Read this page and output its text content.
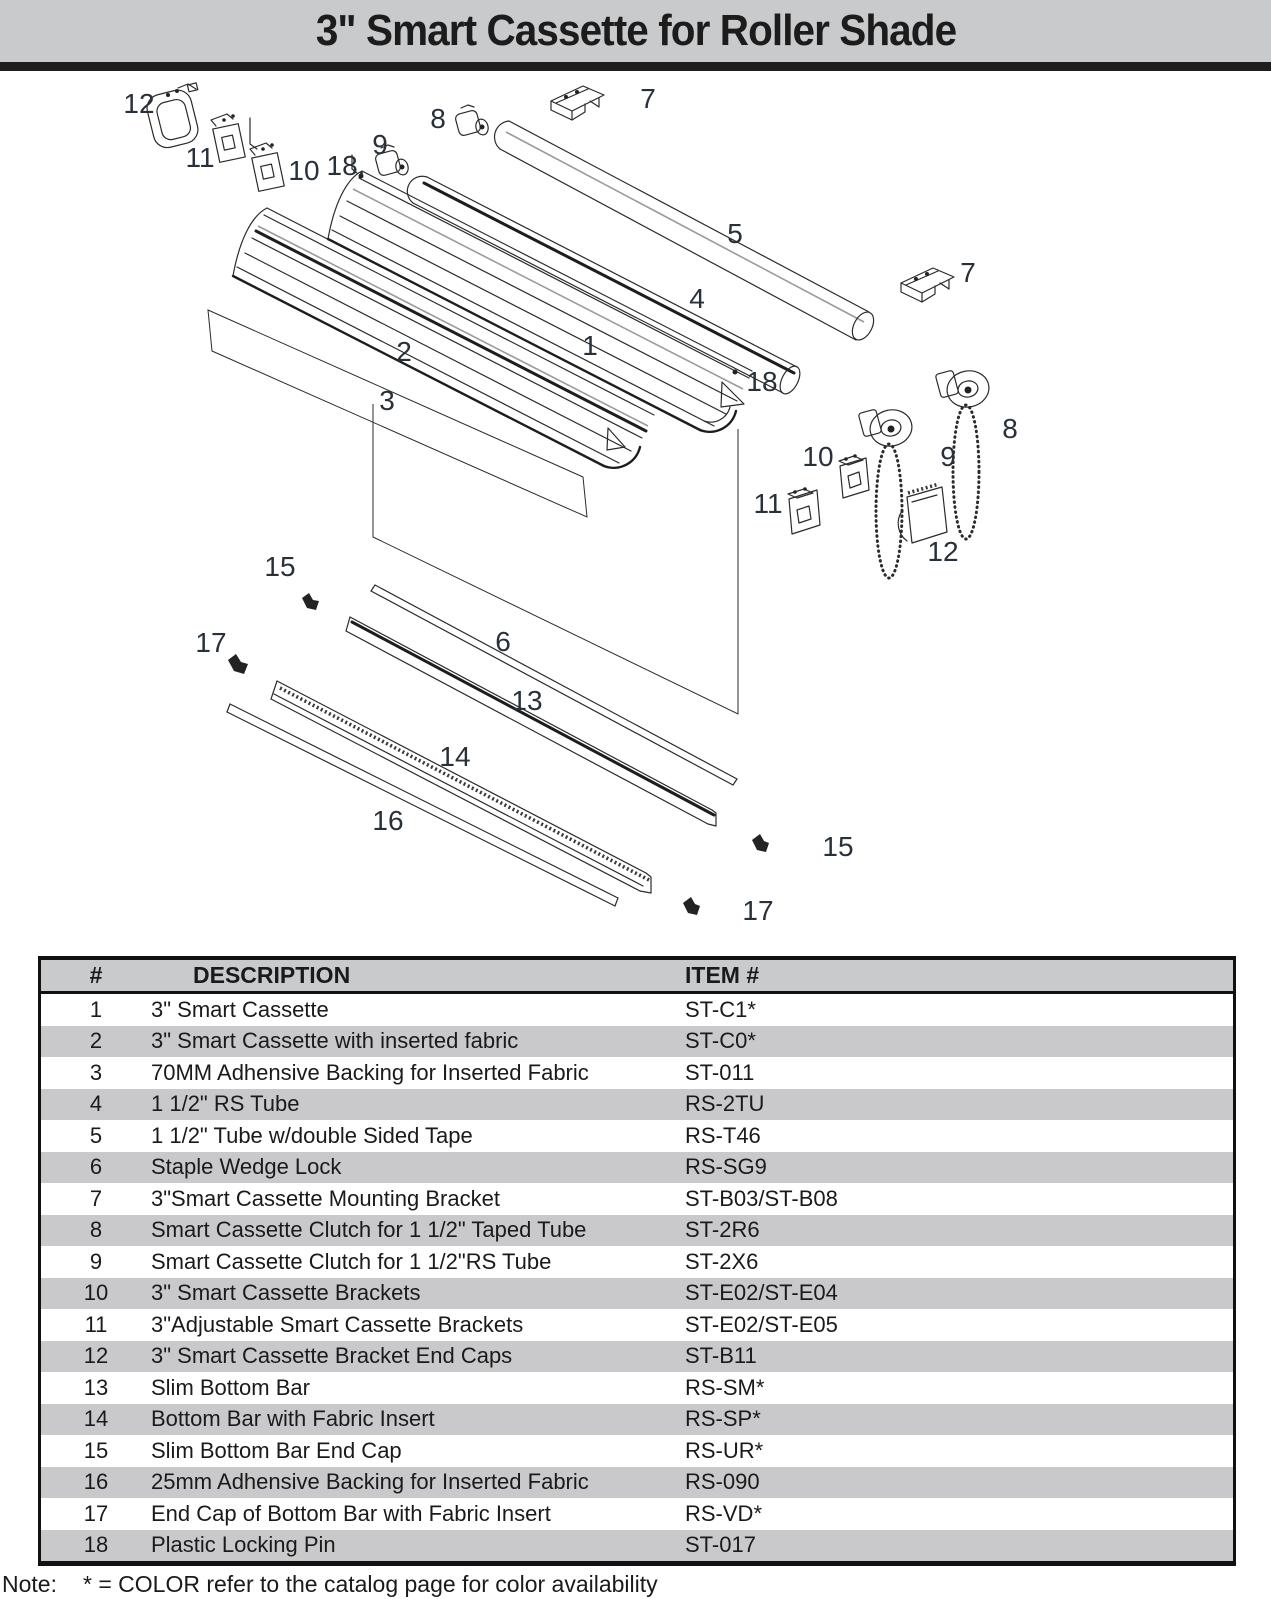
3" Smart Cassette for Roller Shade
12
11	10 18.
9
8
7
5
4
1
2
3
18
7
8
9
10
11
12
15
17	6
13
14
16
15
17
#	DESCRIPTION	ITEM #
1	3" Smart Cassette	ST-C1*
2	3" Smart Cassette with inserted fabric	ST-C0*
3	70MM Adhensive Backing for Inserted Fabric	ST-011
4	1 1/2" RS Tube	RS-2TU
5	1 1/2" Tube w/double Sided Tape	RS-T46
6	Staple Wedge Lock	RS-SG9
7	3"Smart Cassette Mounting Bracket	ST-B03/ST-B08
8	Smart Cassette Clutch for 1 1/2" Taped Tube	ST-2R6
9	Smart Cassette Clutch for 1 1/2"RS Tube	ST-2X6
10	3" Smart Cassette Brackets	ST-E02/ST-E04
11	3"Adjustable Smart Cassette Brackets	ST-E02/ST-E05
12	3" Smart Cassette Bracket End Caps	ST-B11
13	Slim Bottom Bar	RS-SM*
14	Bottom Bar with Fabric Insert	RS-SP*
15	Slim Bottom Bar End Cap	RS-UR*
16	25mm Adhensive Backing for Inserted Fabric	RS-090
17	End Cap of Bottom Bar with Fabric Insert	RS-VD*
18	Plastic Locking Pin	ST-017
Note: * = COLOR refer to the catalog page for color availability
